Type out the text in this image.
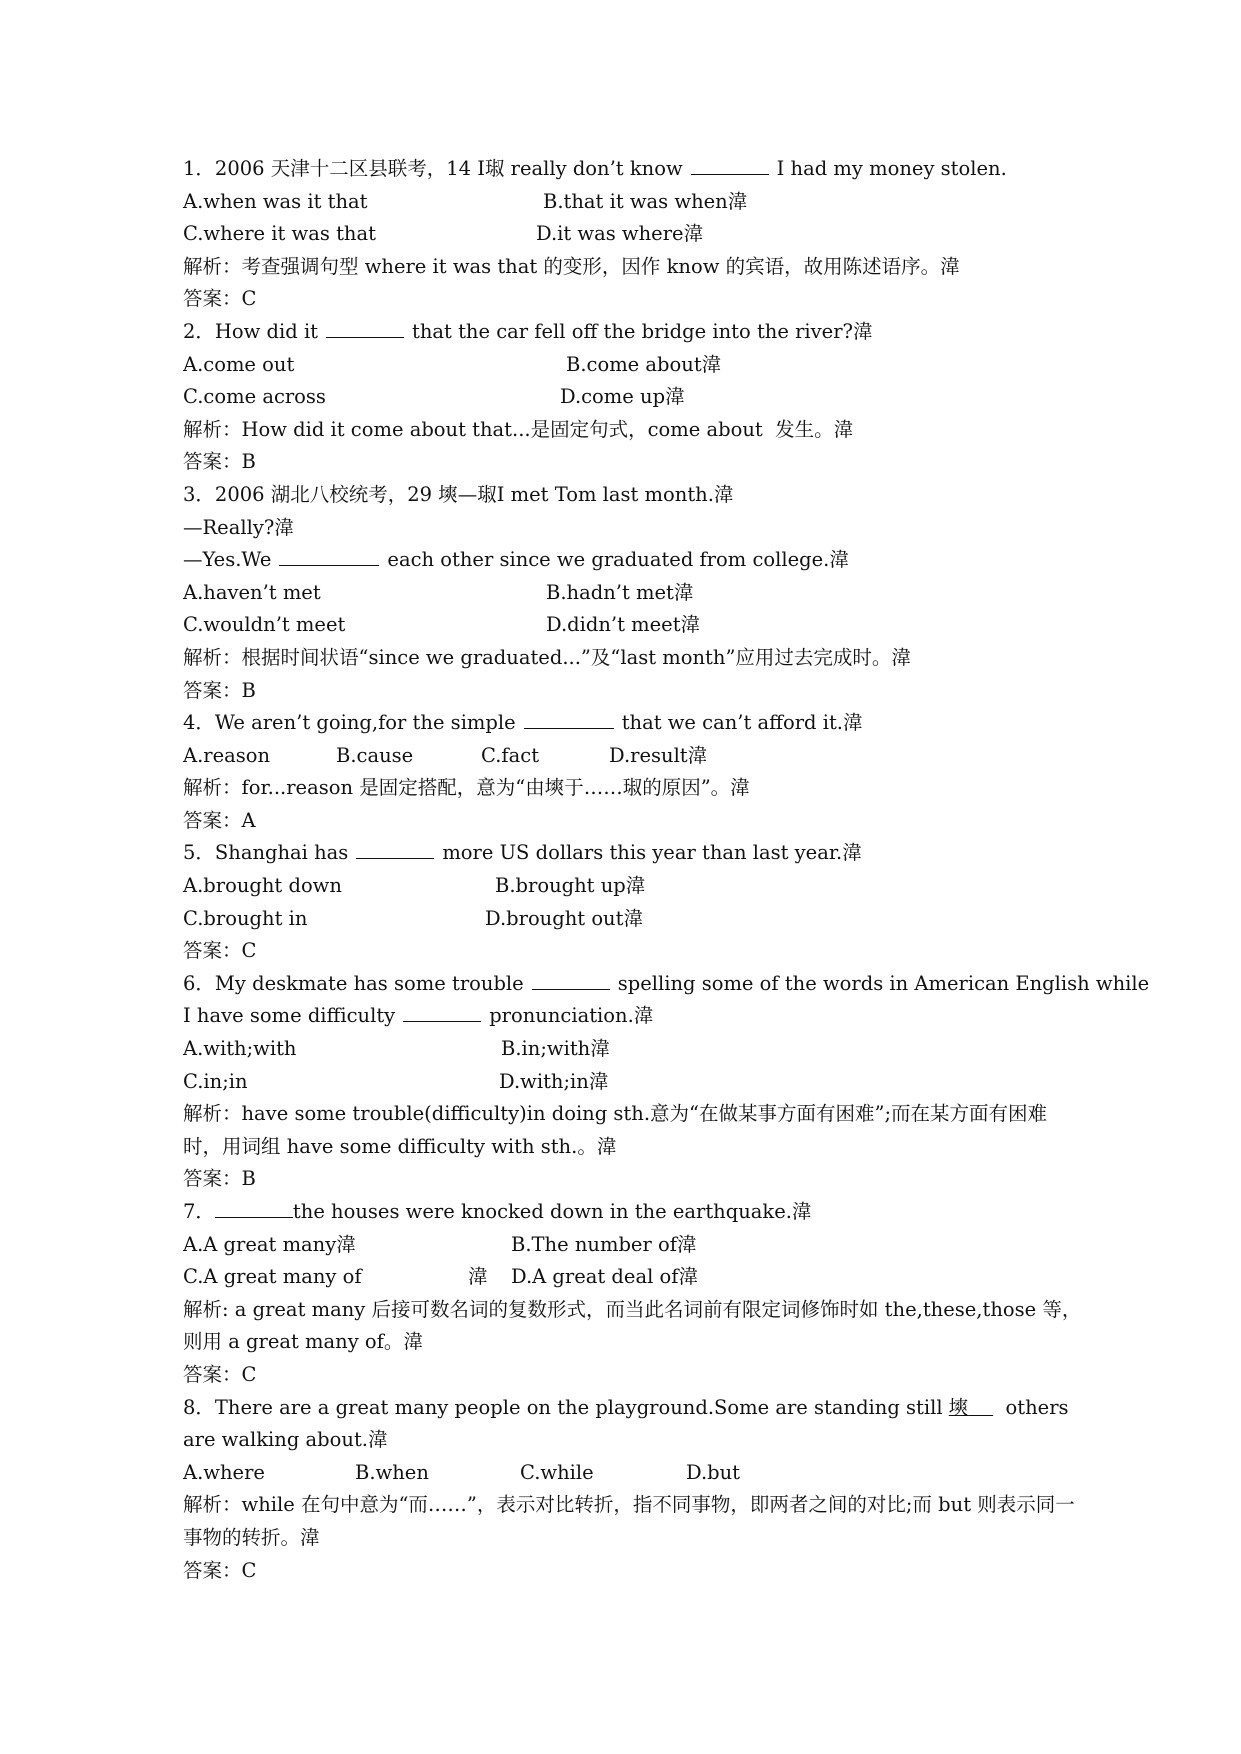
1．2006 天津十二区县联考，14 I琡 really don’t know	I had my money stolen.
A.when was it that	B.that it was when湋
C.where it was that	D.it was where湋
解析：考查强调句型 where it was that 的变形，因作 know 的宾语，故用陈述语序。湋
答案：C
2．How did it	that the car fell off the bridge into the river?湋
A.come out	B.come about湋
C.come across	D.come up湋
解析：How did it come about that...是固定句式，come about  发生。湋
答案：B
3．2006 湖北八校统考，29 塽—琡I met Tom last month.湋
—Really?湋
—Yes.We	each other since we graduated from college.湋
A.haven’t met	B.hadn’t met湋
C.wouldn’t meet	D.didn’t meet湋
解析：根据时间状语“since we graduated...”及“last month”应用过去完成时。湋
答案：B
4．We aren’t going,for the simple	that we can’t afford it.湋
A.reason	B.cause	C.fact	D.result湋
解析：for...reason 是固定搭配，意为“由塽于……琡的原因”。湋
答案：A
5．Shanghai has	more US dollars this year than last year.湋
A.brought down	B.brought up湋
C.brought in	D.brought out湋
答案：C
6．My deskmate has some trouble	spelling some of the words in American English while
I have some difficulty	pronunciation.湋
A.with;with	B.in;with湋
C.in;in	D.with;in湋
解析：have some trouble(difficulty)in doing sth.意为“在做某事方面有困难”;而在某方面有困难时，用词组 have some difficulty with sth.。湋
答案：B
7．	the houses were knocked down in the earthquake.湋
A.A great many湋	B.The number of湋
C.A great many of	湋	D.A great deal of湋
解析: a great many 后接可数名词的复数形式，而当此名词前有限定词修饰时如 the,these,those 等，则用 a great many of。湋
答案：C
8．There are a great many people on the playground.Some are standing still 塽 others are walking about.湋
A.where	B.when	C.while	D.but
解析：while 在句中意为“而……”，表示对比转折，指不同事物，即两者之间的对比;而 but 则表示同一事物的转折。湋
答案：C
